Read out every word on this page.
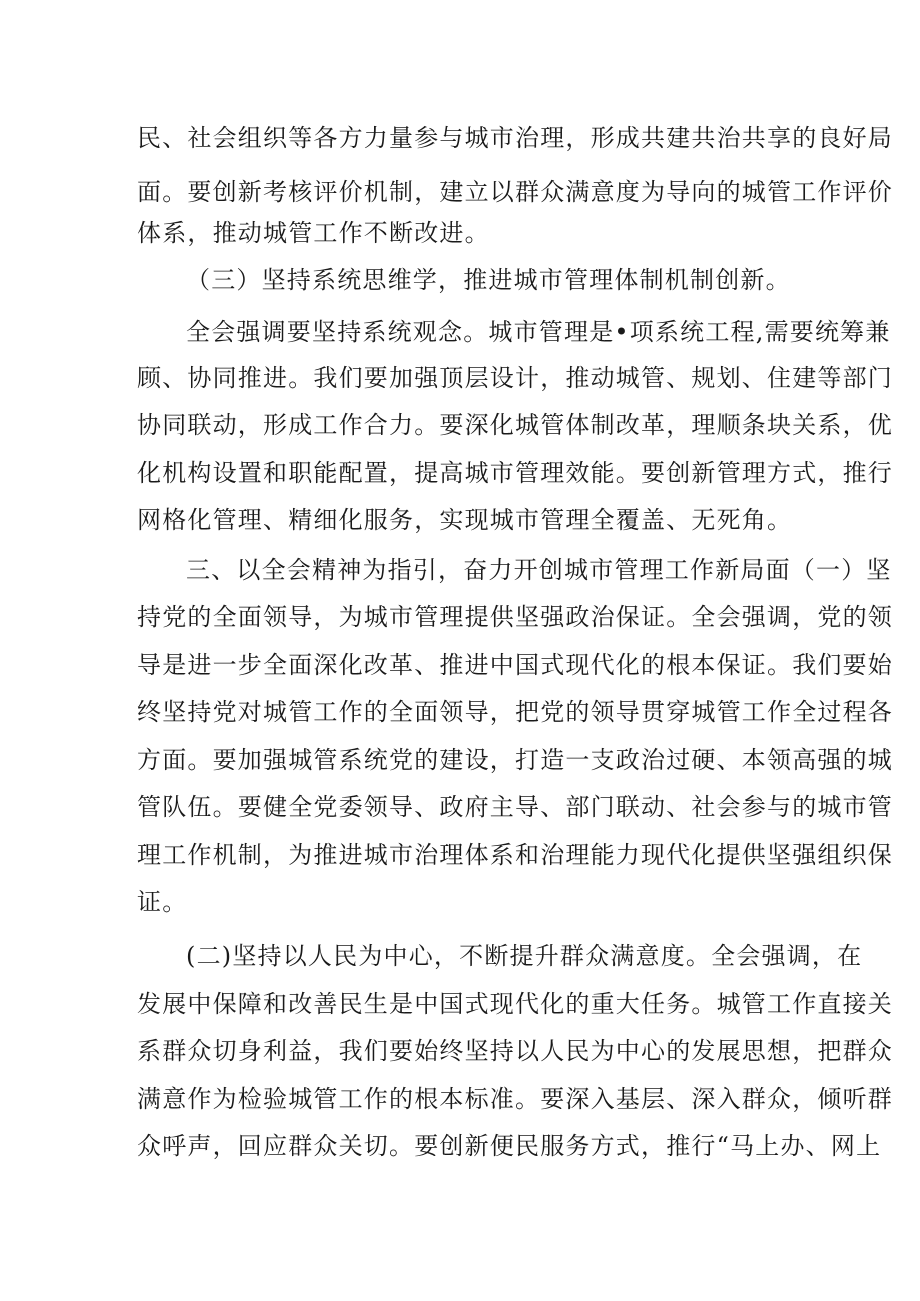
民、社会组织等各方力量参与城市治理，形成共建共治共享的良好局
面。要创新考核评价机制，建立以群众满意度为导向的城管工作评价
体系，推动城管工作不断改进。
（三）坚持系统思维学，推进城市管理体制机制创新。
全会强调要坚持系统观念。城市管理是•项系统工程,需要统筹兼
顾、协同推进。我们要加强顶层设计，推动城管、规划、住建等部门
协同联动，形成工作合力。要深化城管体制改革，理顺条块关系，优
化机构设置和职能配置，提高城市管理效能。要创新管理方式，推行
网格化管理、精细化服务，实现城市管理全覆盖、无死角。
三、以全会精神为指引，奋力开创城市管理工作新局面（一）坚
持党的全面领导，为城市管理提供坚强政治保证。全会强调，党的领
导是进一步全面深化改革、推进中国式现代化的根本保证。我们要始
终坚持党对城管工作的全面领导，把党的领导贯穿城管工作全过程各
方面。要加强城管系统党的建设，打造一支政治过硬、本领高强的城
管队伍。要健全党委领导、政府主导、部门联动、社会参与的城市管
理工作机制，为推进城市治理体系和治理能力现代化提供坚强组织保
证。
(二)坚持以人民为中心，不断提升群众满意度。全会强调，在
发展中保障和改善民生是中国式现代化的重大任务。城管工作直接关
系群众切身利益，我们要始终坚持以人民为中心的发展思想，把群众
满意作为检验城管工作的根本标准。要深入基层、深入群众，倾听群
众呼声，回应群众关切。要创新便民服务方式，推行“马上办、网上
